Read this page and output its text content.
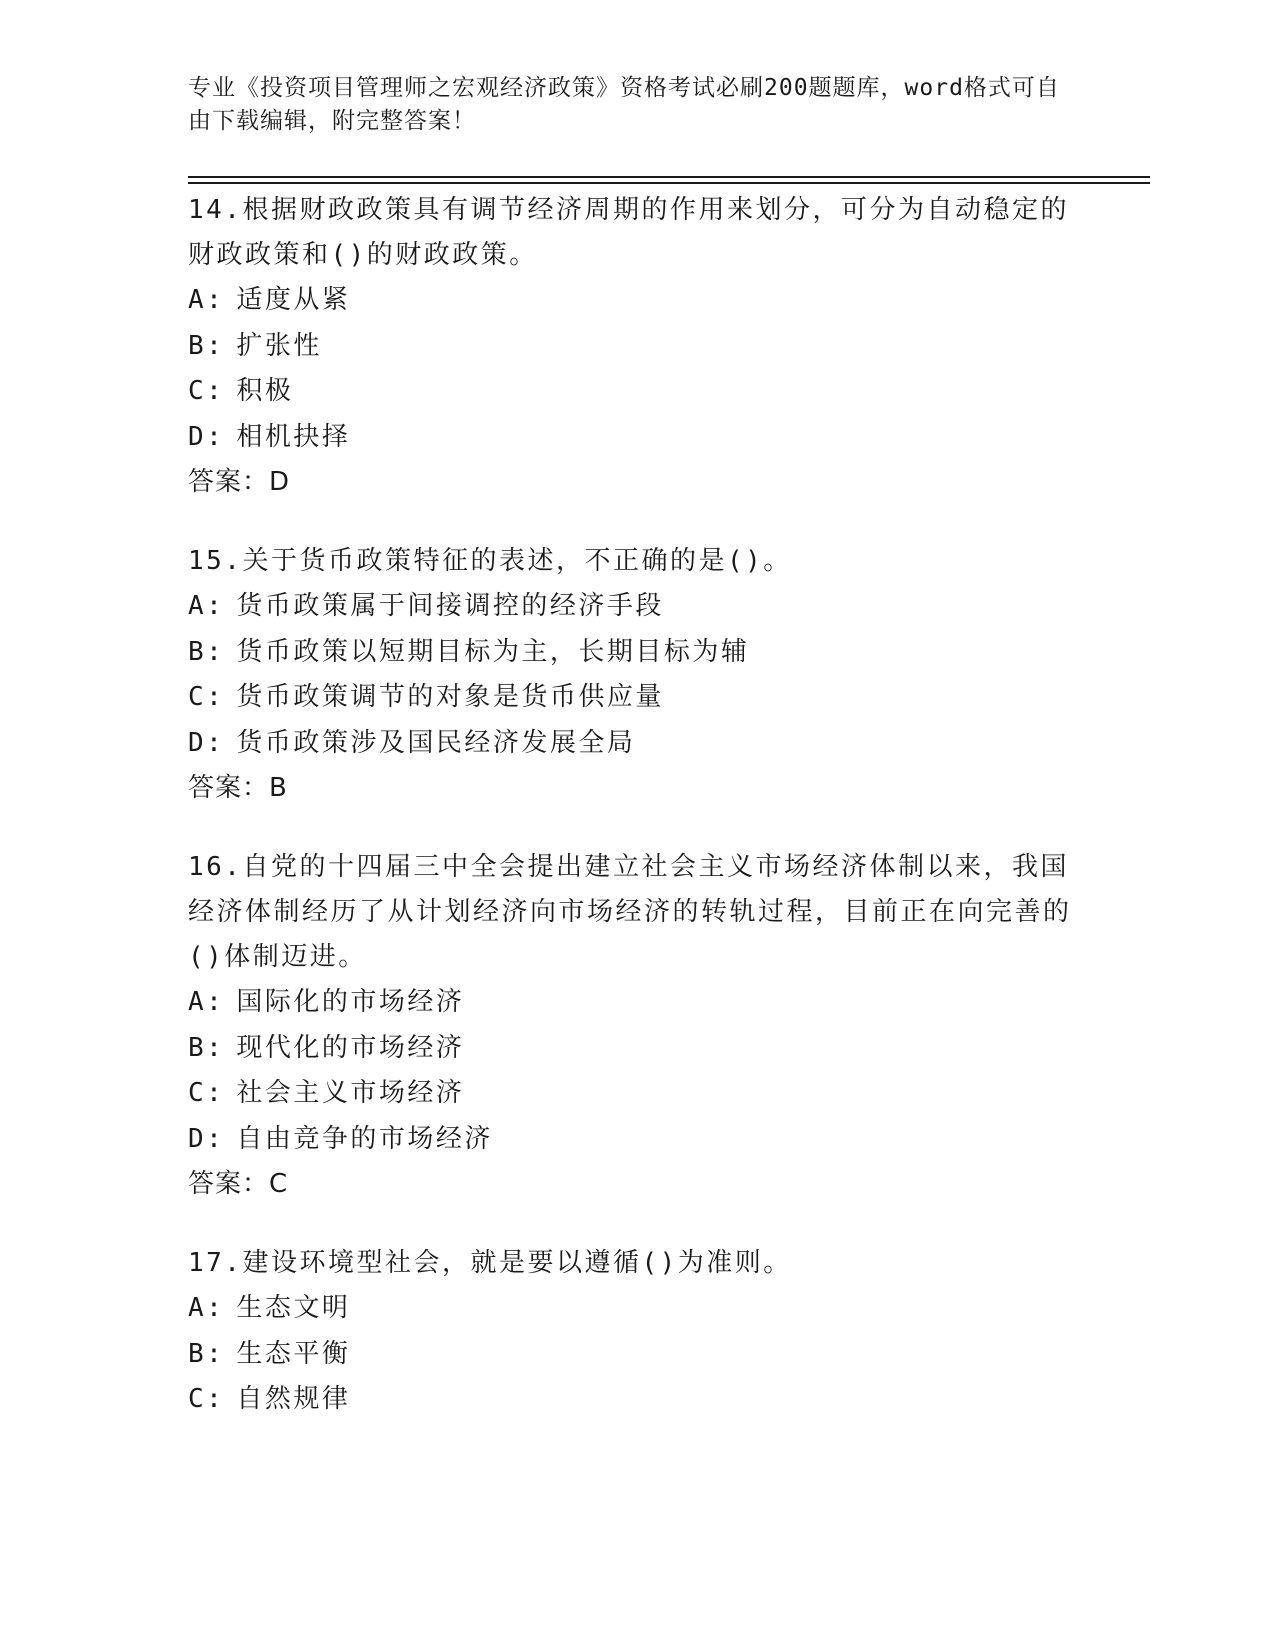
专业《投资项目管理师之宏观经济政策》资格考试必刷200题题库，word格式可自由下载编辑，附完整答案！
14.根据财政政策具有调节经济周期的作用来划分，可分为自动稳定的财政政策和()的财政政策。
A: 适度从紧
B: 扩张性
C: 积极
D: 相机抉择
答案：D
15.关于货币政策特征的表述，不正确的是()。
A: 货币政策属于间接调控的经济手段
B: 货币政策以短期目标为主，长期目标为辅
C: 货币政策调节的对象是货币供应量
D: 货币政策涉及国民经济发展全局
答案：B
16.自党的十四届三中全会提出建立社会主义市场经济体制以来，我国经济体制经历了从计划经济向市场经济的转轨过程，目前正在向完善的()体制迈进。
A: 国际化的市场经济
B: 现代化的市场经济
C: 社会主义市场经济
D: 自由竞争的市场经济
答案：C
17.建设环境型社会，就是要以遵循()为准则。
A: 生态文明
B: 生态平衡
C: 自然规律
